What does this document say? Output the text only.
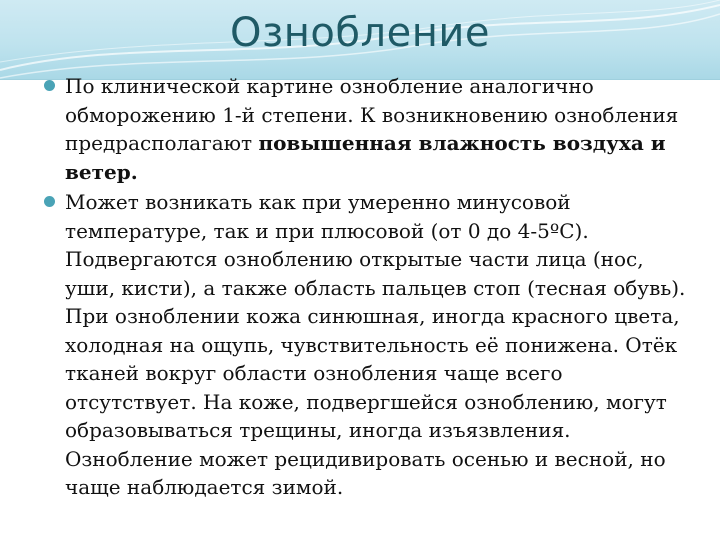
Озноблeние
По клинической картине ознобление аналогично обморожению 1-й степени. К возникновению ознобления предрасполагают повышенная влажность воздуха и ветер.
Может возникать как при умеренно минусовой температуре, так и при плюсовой (от 0 до 4-5ºС). Подвергаются ознoблению открытые части лица (нос, уши, кисти), а также область пальцев стоп (тесная обувь). При ознoблении кожа синюшная, иногда красного цвета, холодная на ощупь, чувствительность её понижена. Отёк тканей вокруг области ознoбления чаще всего отсутствует. На коже, подвергшейся ознoблению, могут образовываться трещины, иногда изъязвления. Ознoбление может рецидивировать осенью и весной, но чаще наблюдается зимой.
